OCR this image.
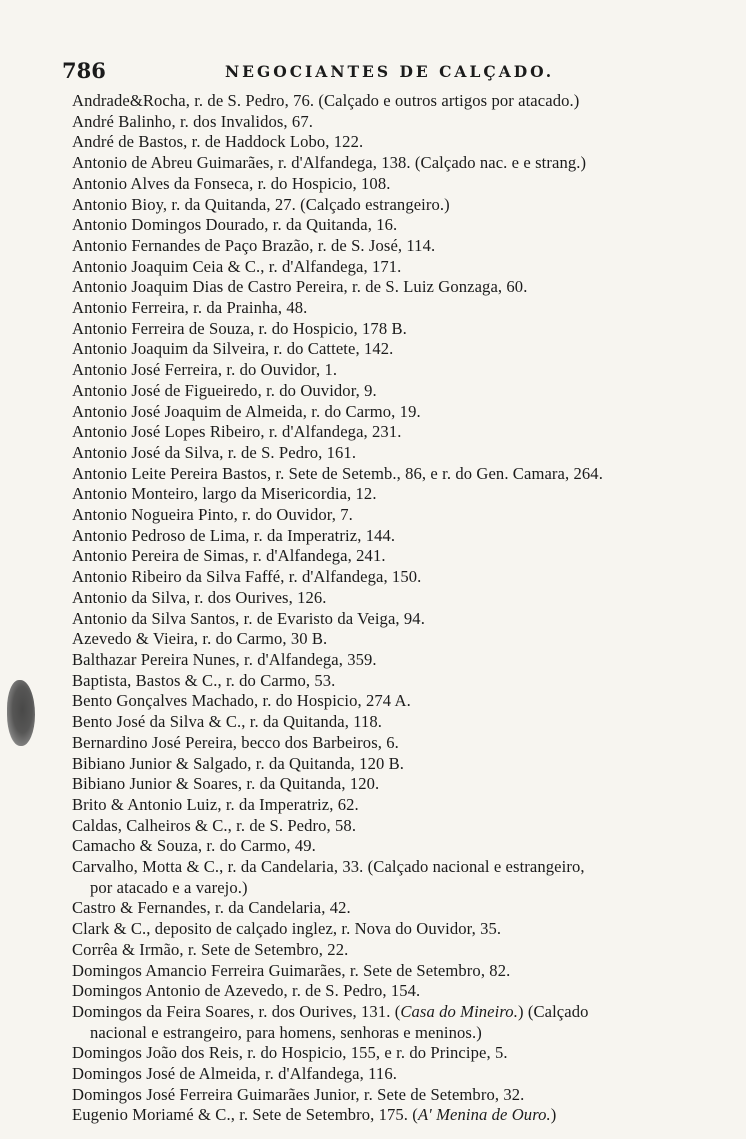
786	NEGOCIANTES DE CALÇADO.
Andrade&Rocha, r. de S. Pedro, 76. (Calçado e outros artigos por atacado.)
André Balinho, r. dos Invalidos, 67.
André de Bastos, r. de Haddock Lobo, 122.
Antonio de Abreu Guimarães, r. d'Alfandega, 138. (Calçado nac. e e strang.)
Antonio Alves da Fonseca, r. do Hospicio, 108.
Antonio Bioy, r. da Quitanda, 27. (Calçado estrangeiro.)
Antonio Domingos Dourado, r. da Quitanda, 16.
Antonio Fernandes de Paço Brazão, r. de S. José, 114.
Antonio Joaquim Ceia & C., r. d'Alfandega, 171.
Antonio Joaquim Dias de Castro Pereira, r. de S. Luiz Gonzaga, 60.
Antonio Ferreira, r. da Prainha, 48.
Antonio Ferreira de Souza, r. do Hospicio, 178 B.
Antonio Joaquim da Silveira, r. do Cattete, 142.
Antonio José Ferreira, r. do Ouvidor, 1.
Antonio José de Figueiredo, r. do Ouvidor, 9.
Antonio José Joaquim de Almeida, r. do Carmo, 19.
Antonio José Lopes Ribeiro, r. d'Alfandega, 231.
Antonio José da Silva, r. de S. Pedro, 161.
Antonio Leite Pereira Bastos, r. Sete de Setemb., 86, e r. do Gen. Camara, 264.
Antonio Monteiro, largo da Misericordia, 12.
Antonio Nogueira Pinto, r. do Ouvidor, 7.
Antonio Pedroso de Lima, r. da Imperatriz, 144.
Antonio Pereira de Simas, r. d'Alfandega, 241.
Antonio Ribeiro da Silva Faffé, r. d'Alfandega, 150.
Antonio da Silva, r. dos Ourives, 126.
Antonio da Silva Santos, r. de Evaristo da Veiga, 94.
Azevedo & Vieira, r. do Carmo, 30 B.
Balthazar Pereira Nunes, r. d'Alfandega, 359.
Baptista, Bastos & C., r. do Carmo, 53.
Bento Gonçalves Machado, r. do Hospicio, 274 A.
Bento José da Silva & C., r. da Quitanda, 118.
Bernardino José Pereira, becco dos Barbeiros, 6.
Bibiano Junior & Salgado, r. da Quitanda, 120 B.
Bibiano Junior & Soares, r. da Quitanda, 120.
Brito & Antonio Luiz, r. da Imperatriz, 62.
Caldas, Calheiros & C., r. de S. Pedro, 58.
Camacho & Souza, r. do Carmo, 49.
Carvalho, Motta & C., r. da Candelaria, 33. (Calçado nacional e estrangeiro,
por atacado e a varejo.)
Castro & Fernandes, r. da Candelaria, 42.
Clark & C., deposito de calçado inglez, r. Nova do Ouvidor, 35.
Corrêa & Irmão, r. Sete de Setembro, 22.
Domingos Amancio Ferreira Guimarães, r. Sete de Setembro, 82.
Domingos Antonio de Azevedo, r. de S. Pedro, 154.
Domingos da Feira Soares, r. dos Ourives, 131. (Casa do Mineiro.) (Calçado
nacional e estrangeiro, para homens, senhoras e meninos.)
Domingos João dos Reis, r. do Hospicio, 155, e r. do Principe, 5.
Domingos José de Almeida, r. d'Alfandega, 116.
Domingos José Ferreira Guimarães Junior, r. Sete de Setembro, 32.
Eugenio Moriamé & C., r. Sete de Setembro, 175. (A' Menina de Ouro.)
